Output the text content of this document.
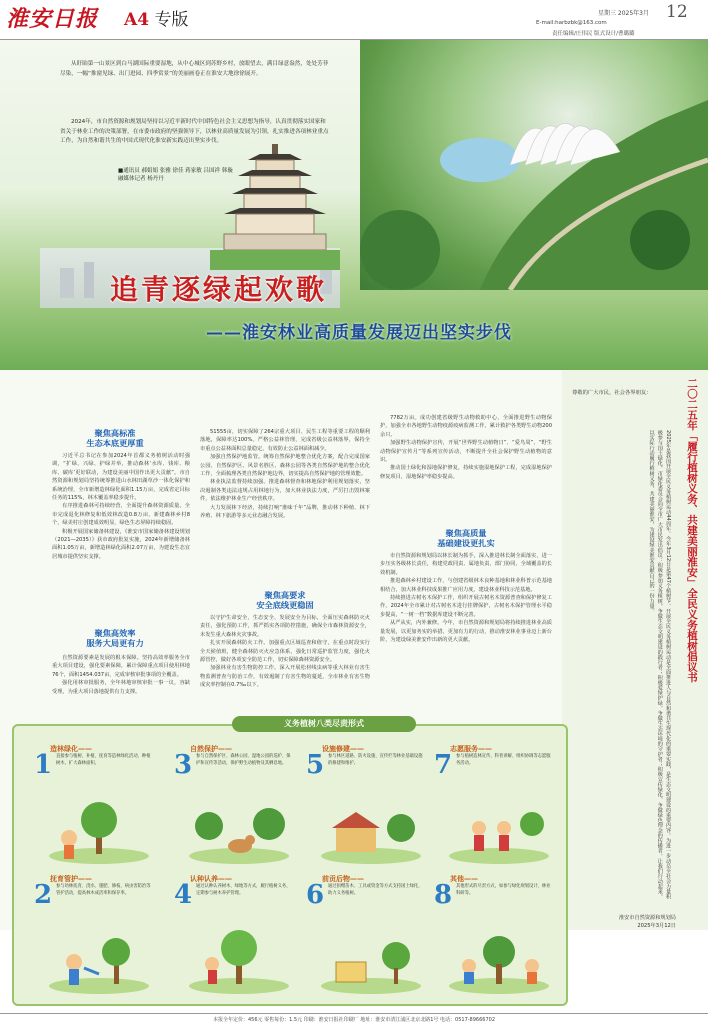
淮安日报	A4 专版	星期三 2025年3月 12
E-mail:harbzbk@163.com
责任编辑/庄伟民 版式设计/曹璐璐
从盱眙第一山景区到白马湖国际重要湿地，从中心城区到苏野乡村，放眼望去，满目绿意盎然，处处芳菲尽染，一幅“推窗见绿、出门进园、四季赏景”的美丽画卷正在淮安大地徐徐展开。
2024年，市自然资源和规划局坚持以习近平新时代中国特色社会主义思想为指导，认真贯彻落实国家和省关于林业工作的决策部署，在市委市政府的坚强领导下，以林业高质量发展为引领，扎实推进各项林业重点工作，为自然和谐共生的中国式现代化淮安新实践迈出坚实步伐。
■通讯员 郝娟娟 张雅 徐佳 蒋家敏 吕国祥 韩璇
融媒体记者 杨丹丹
追青逐绿起欢歌
——淮安林业高质量发展迈出坚实步伐
聚焦高标准
生态本底更厚重

习近平总书记在参加2024年首都义务植树活动时强调，“扩绿、兴绿、护绿并举，推动森林‘水库、钱库、粮库、碳库’更好联动，为建设美丽中国作出更大贡献”。市自然资源和规划局坚持统筹推进山水林田湖草沙一体化保护和系统治理，全市新增造林绿化面积1.15万亩，完成省定目标任务的115%，林木覆盖率稳步提升。

有序推进森林可持续经营，全面提升森林资源质量。全市完成退化林修复和低效林改造0.8万亩，新建森林乡村8个，绿美村庄创建成效明显，绿色生态屏障持续稳固。

积极开展国家储备林建设，《淮安市国家储备林建设规划（2021—2035）》获市政府批复实施，2024年新增储备林面积1.05万亩，新增造林绿化面积2.07万亩，为建设生态宜居城市提供坚实支撑。

聚焦高效率
服务大局更有力

自然资源要素是发展的根本保障。坚持高效率服务全市重大项目建设，强化要素保障，累计保障重点项目使用林地76个，面积1454.037亩，完成审核审批事项的全覆盖。

强化用林审批服务，全年林地审核审批一事一议，容缺受理，为重大项目落地提供有力支撑。

51555亩，切实保障了264宗重大项目、民生工程等重要工程的顺利落地，保障率达100%。严格公益林管理，完成省级公益林落界，保持全市重点公益林面积总量稳定，有效防止公益林面积减少。

加强自然保护地监管。统筹自然保护地整合优化方案，配合完成国家公园、自然保护区、风景名胜区、森林公园等各类自然保护地的整合优化工作，全面梳理各类自然保护地边界，切实提高自然保护地的管理效能。

林业执法监督持续加强。推进森林督查和林地保护利用规划落实，坚决遏制各类违法违规占用林地行为，加大林业执法力度，严厉打击毁林案件，依法维护林业生产经营秩序。

大力发展林下经济，持续打响“淮味千年”品牌，推动林下种植、林下养殖、林下旅游等多元业态融合发展。

聚焦高要求
安全底线更稳固

以守护生命安全、生态安全、发展安全为目标，全面压实森林防灭火责任，强化预防工作，抓严抓实各项防控措施，确保全市森林资源安全，未发生重大森林火灾事故。

扎实开展森林防火工作。加强重点区域巡查和值守，在重点时段实行全天候值班，健全森林防灭火应急体系，强化日常巡护监管力度，强化火源管控，做好各项安全防范工作，切实保障森林资源安全。

加强林业有害生物防控工作。深入开展松材线虫病等重大林业有害生物监测普查与防治工作，有效遏制了有害生物的蔓延，全市林业有害生物成灾率控制在0.7‰以下。

7782万亩。成功创建省级野生动物救助中心，全面推进野生动物保护，加强全市各地野生动物疫源疫病监测工作，累计救护各类野生动物200余只。

加强野生动物保护宣传，开展“世界野生动植物日”、“爱鸟周”、“野生动物保护宣传月”等系列宣传活动，不断提升全社会保护野生动植物的意识。

推动国土绿化和湿地保护修复，持续实施湿地保护工程，完成湿地保护修复项目，湿地保护率稳步提高。

聚焦高质量
基础建设更扎实

市自然资源和规划局以林长制为抓手，深入推进林长制全面落实，进一步压实各级林长责任，构建党政同责、属地负责、部门协同、全域覆盖的长效机制。

推进森林乡村建设工作，与创建省级林木良种基地和林业科普示范基地相结合，加大林业科技成果推广应用力度，建设林业科技示范基地。

持续推进古树名木保护工作，组织开展古树名木资源普查和保护修复工作，2024年全市累计对古树名木进行挂牌保护，古树名木保护管理水平稳步提高，“一树一档”数据库建设不断完善。

从严从实，内外兼修。今年，市自然资源和规划局将持续推进林业高质量发展，以更加务实的举措、更加有力的行动，推动淮安林业事业迈上新台阶，为建设绿美淮安作出新的更大贡献。	二〇二五年「履行植树义务、共建美丽淮安」全民义务植树倡议书
尊敬的广大市民，社会各界朋友：
2025年是我国开展全民义务植树运动44周年。今年3月12日是第47个植树节。开展全民义务植树运动是全面推进人与自然和谐共生现代化的重要实践，是生态文明建设的重要内容。为进一步动员全社会力量积极参与国土绿化，市绿化委员会向全市广大市民发出倡议：积极参加义务植树，争做生态文明建设的践行者；积极爱绿护绿，争做生态环境的守护者；积极宣传绿化，争做绿色理念的传播者。让我们行动起来，以实际行动履行植树义务，共建美丽淮安，为建设绿美淮安贡献自己的一份力量。
淮安市自然资源和规划局
2025年3月12日
义务植树八类尽责形式
1
造林绿化——
直接参与植树、补植、抚育等造林绿化活动，种植树木，扩大森林面积。
2
抚育管护——
参与幼林抚育、浇水、施肥、修枝、病虫害防治等管护活动，提高林木成活率和保存率。
3
自然保护——
参与自然保护区、森林公园、湿地公园的巡护、保护和宣传等活动，保护野生动植物及其栖息地。
4
认种认养——
通过认种认养树木、绿地等方式，履行植树义务，定期参与树木养护管理。
5
设施修建——
参与林区道路、防火设施、宣传栏等林业基础设施的修建和维护。
6
前贡后物——
通过捐赠苗木、工具或资金等方式支持国土绿化，助力义务植树。
7
志愿服务——
参与植树造林宣传、科普讲解、组织协调等志愿服务活动。
8
其他——
其他形式的尽责方式，如参与绿化规划设计、林业科研等。
本报全年定价：456元 零售每份：1.5元 印刷：淮安日报社印刷厂 地址：淮安市清江浦区北京北路1号 电话：0517-89666702
